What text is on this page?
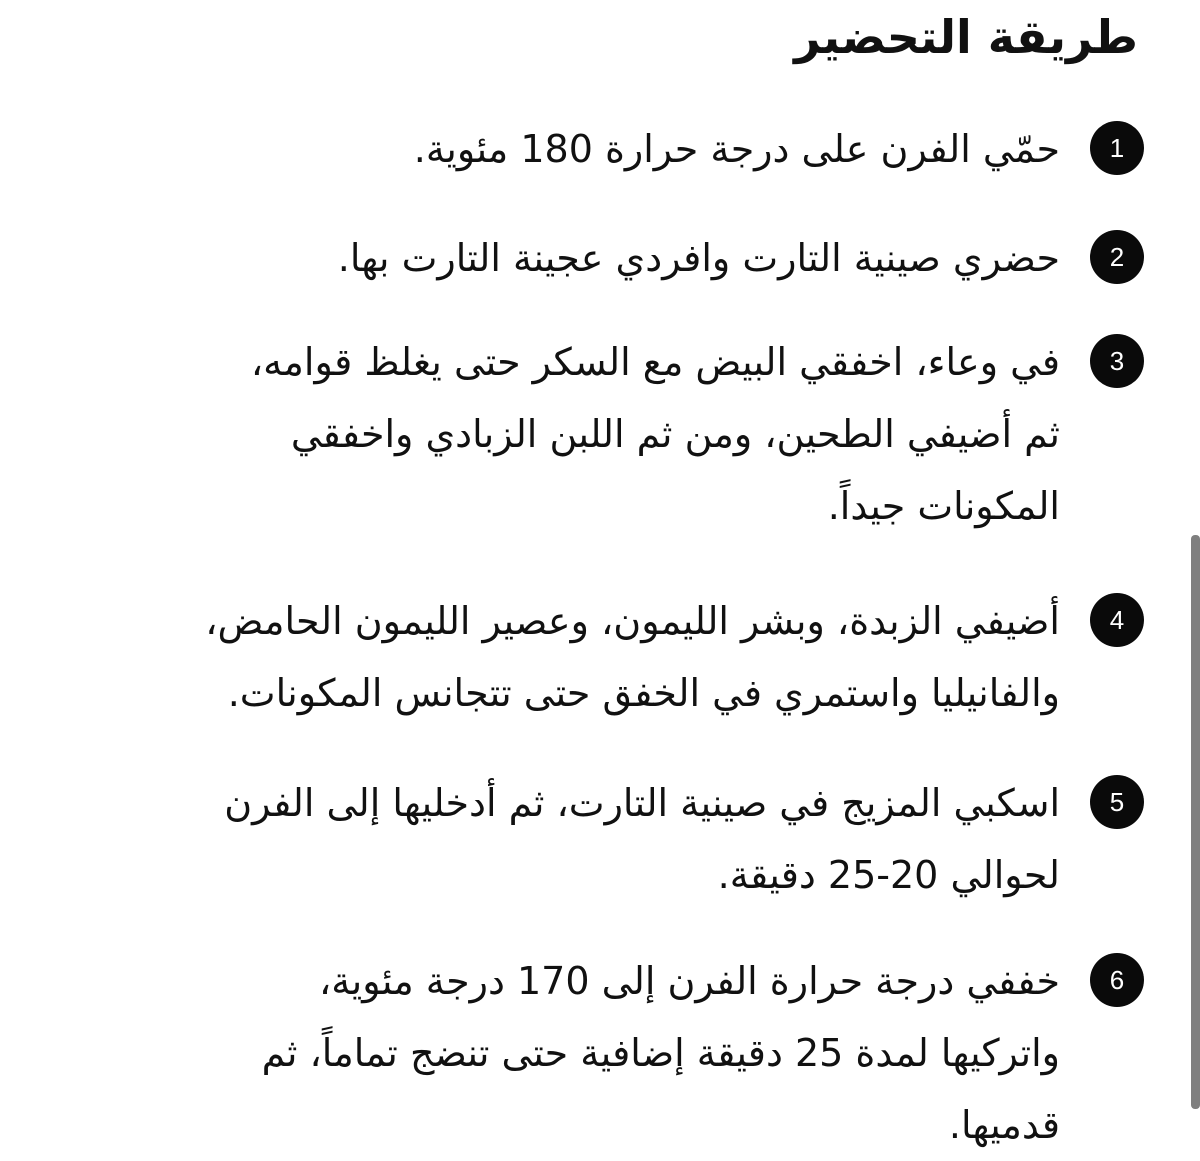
طريقة التحضير
1
حمّي الفرن على درجة حرارة 180 مئوية.
2
حضري صينية التارت وافردي عجينة التارت بها.
3
في وعاء، اخفقي البيض مع السكر حتى يغلظ قوامه، ثم أضيفي الطحين، ومن ثم اللبن الزبادي واخفقي المكونات جيداً.
4
أضيفي الزبدة، وبشر الليمون، وعصير الليمون الحامض، والفانيليا واستمري في الخفق حتى تتجانس المكونات.
5
اسكبي المزيج في صينية التارت، ثم أدخليها إلى الفرن لحوالي 20-25 دقيقة.
6
خففي درجة حرارة الفرن إلى 170 درجة مئوية، واتركيها لمدة 25 دقيقة إضافية حتى تنضج تماماً، ثم قدميها.
